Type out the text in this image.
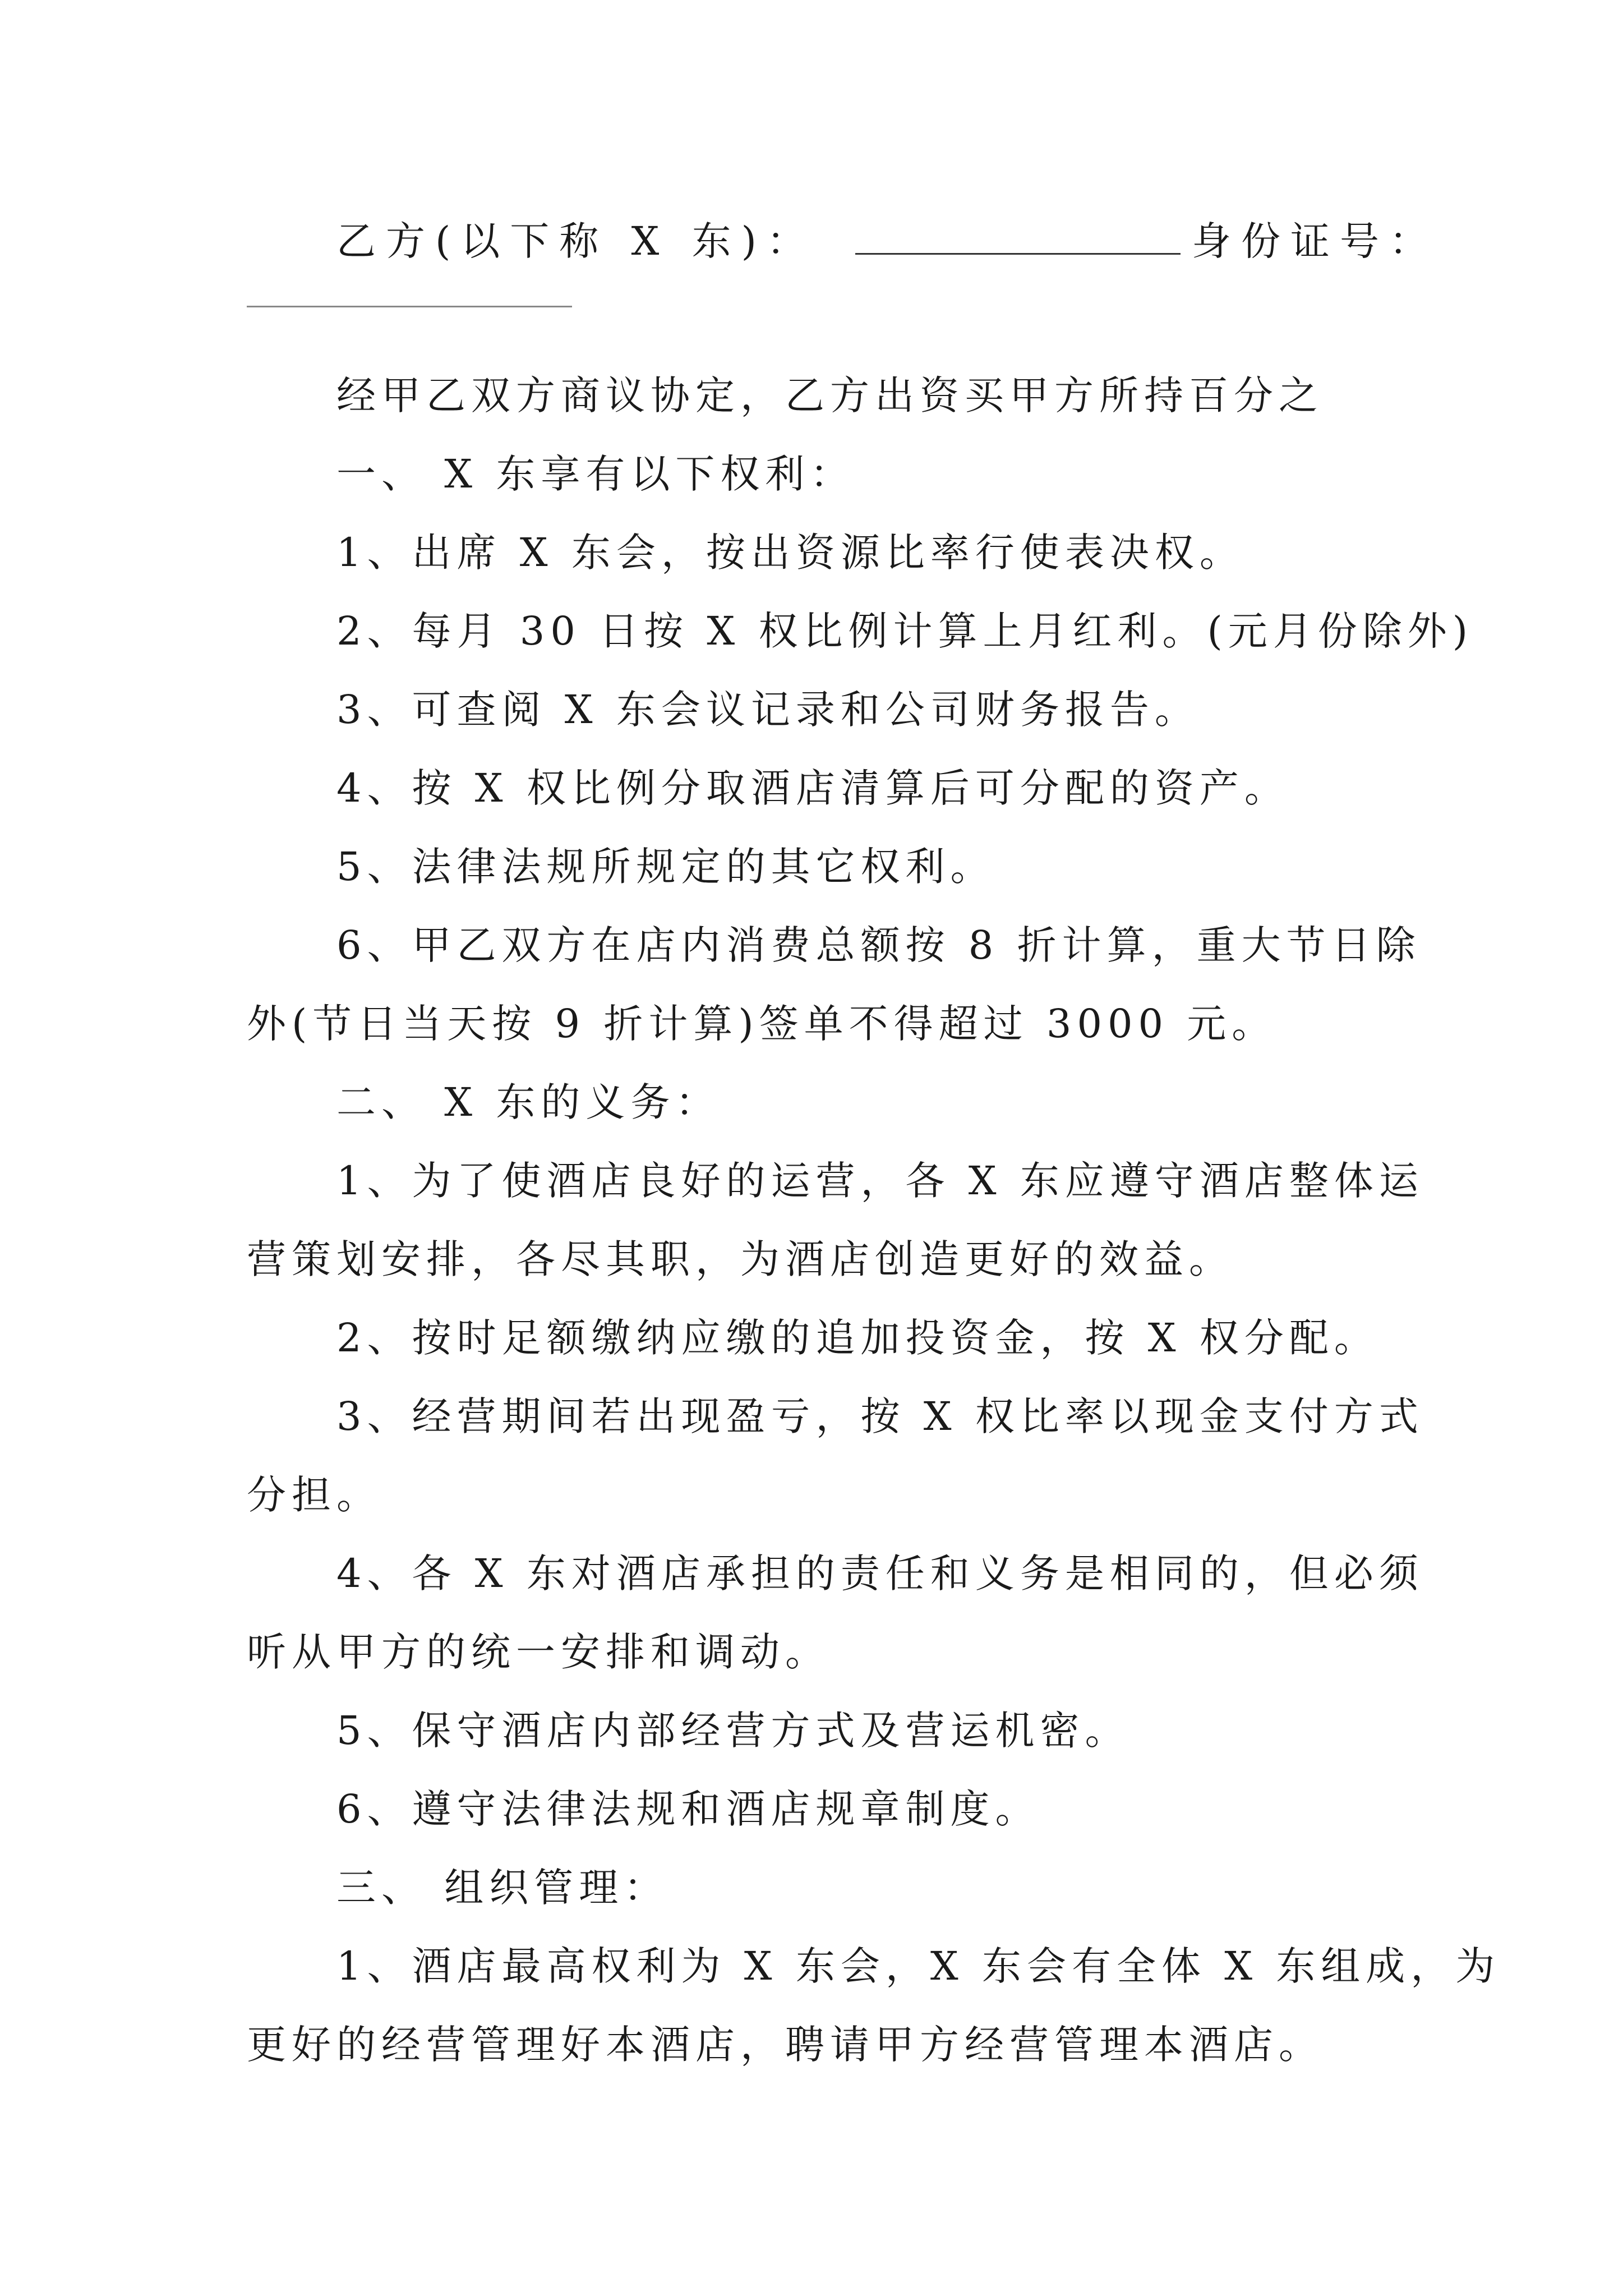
乙方(以下称 X 东)：	身份证号：
经甲乙双方商议协定，乙方出资买甲方所持百分之
一、 X 东享有以下权利：
1、出席 X 东会，按出资源比率行使表决权。
2、每月 30 日按 X 权比例计算上月红利。(元月份除外)
3、可查阅 X 东会议记录和公司财务报告。
4、按 X 权比例分取酒店清算后可分配的资产。
5、法律法规所规定的其它权利。
6、甲乙双方在店内消费总额按 8 折计算，重大节日除
外(节日当天按 9 折计算)签单不得超过 3000 元。
二、 X 东的义务：
1、为了使酒店良好的运营，各 X 东应遵守酒店整体运
营策划安排，各尽其职，为酒店创造更好的效益。
2、按时足额缴纳应缴的追加投资金，按 X 权分配。
3、经营期间若出现盈亏，按 X 权比率以现金支付方式
分担。
4、各 X 东对酒店承担的责任和义务是相同的，但必须
听从甲方的统一安排和调动。
5、保守酒店内部经营方式及营运机密。
6、遵守法律法规和酒店规章制度。
三、 组织管理：
1、酒店最高权利为 X 东会，X 东会有全体 X 东组成，为
更好的经营管理好本酒店，聘请甲方经营管理本酒店。
